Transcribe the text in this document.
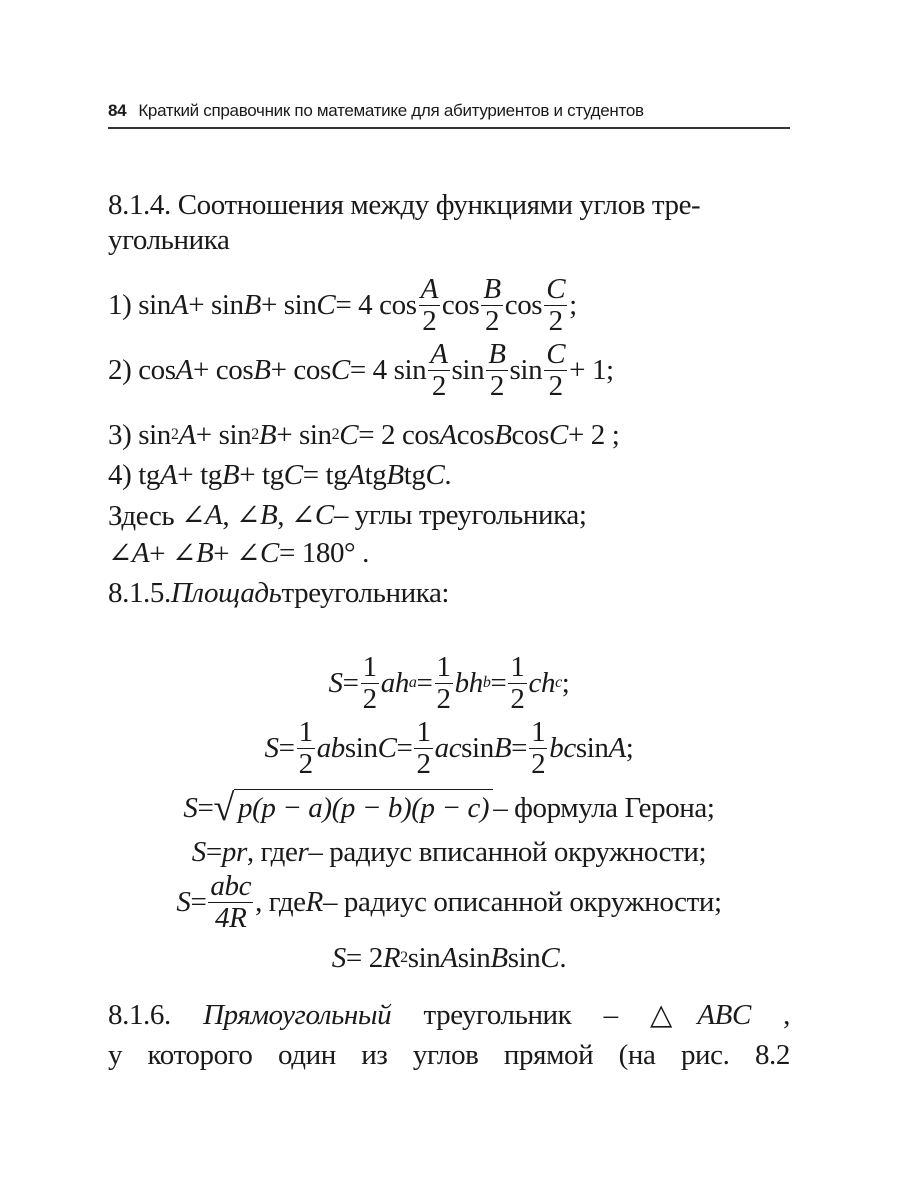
84 Краткий справочник по математике для абитуриентов и студентов
8.1.4. Соотношения между функциями углов тре-
угольника
1) sin A + sin B + sin C = 4 $\cos \frac{A}{2}$ $\cos \frac{B}{2}$ $\cos \frac{C}{2}$ ;
2) cos A + cos B + cos C = 4 $\sin \frac{A}{2}$ $\sin \frac{B}{2}$ $\sin \frac{C}{2} + 1$;
3) sin 2 A + sin 2 B + sin 2 C = 2 cos A cos B cos C + 2 ;
4) tg A + tg B + tg C = tg A tg B tg C .
Здесь ∠ A , ∠ B , ∠ C – углы треугольника;
∠ A + ∠ B + ∠ C = 180° .
8.1.5. Площадь треугольника:
$S = \frac{1}{2}$ ah $a = \frac{1}{2}$ bh $b = \frac{1}{2}$ ch c ;
$S = \frac{1}{2}$ ab $\sin C = \frac{1}{2}$ ac $\sin B = \frac{1}{2}$ bc sin A ;
S = √ p(p − a)(p − b)(p − c) – формула Герона;
S = pr , где r – радиус вписанной окружности;
$S = \frac{\text{abc}}{4R}$ , где R – радиус описанной окружности;
S = 2 R 2 sin A sin B sin C .
8.1.6. Прямоугольный треугольник – △ABC ,
у которого один из углов прямой (на рис. 8.2
